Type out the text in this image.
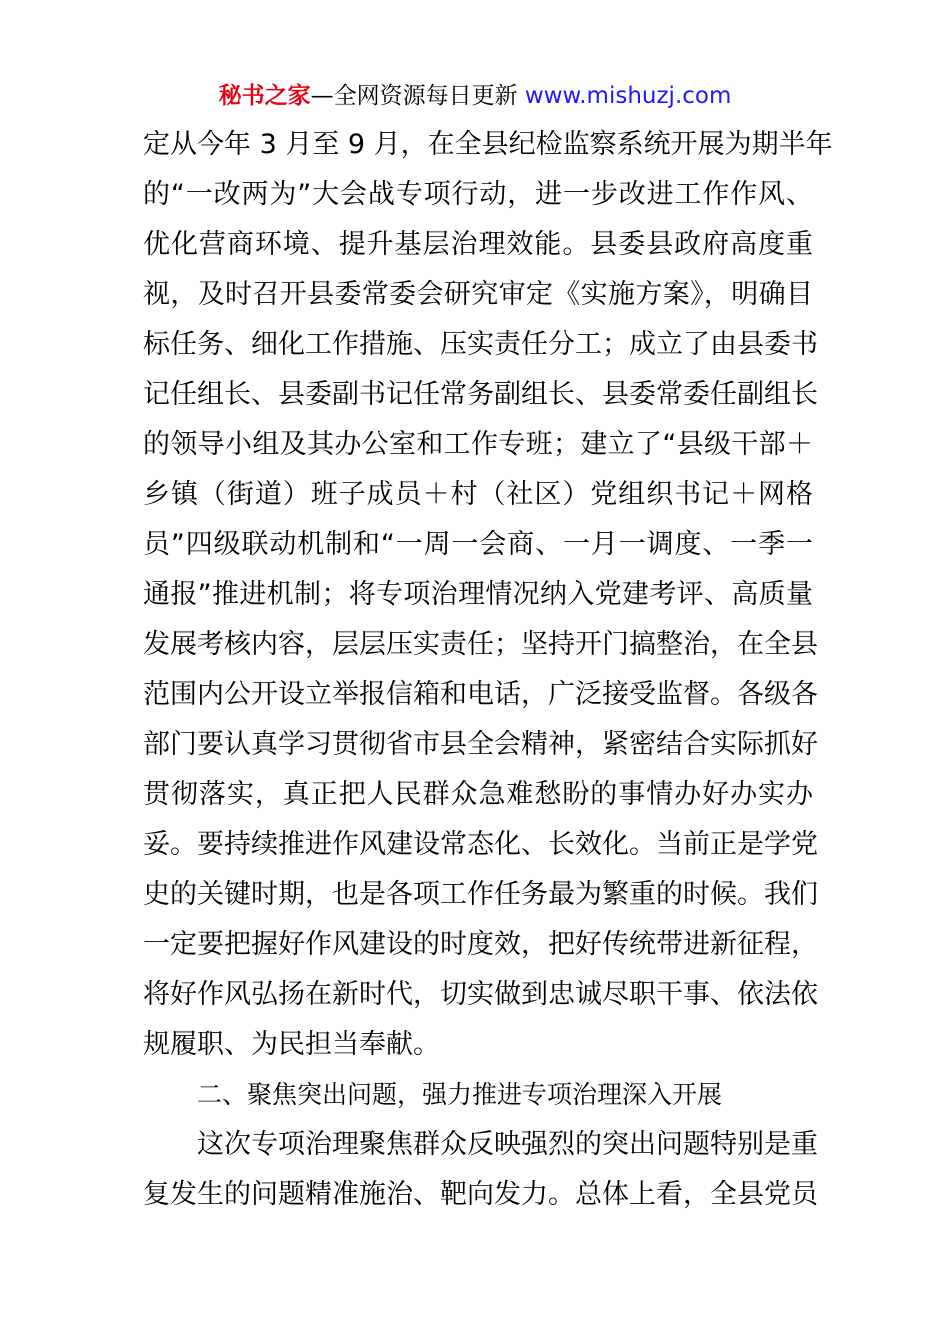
秘书之家—全网资源每日更新 www.mishuzj.com
定从今年 3 月至 9 月，在全县纪检监察系统开展为期半年
的“一改两为”大会战专项行动，进一步改进工作作风、
优化营商环境、提升基层治理效能。县委县政府高度重
视，及时召开县委常委会研究审定《实施方案》，明确目
标任务、细化工作措施、压实责任分工；成立了由县委书
记任组长、县委副书记任常务副组长、县委常委任副组长
的领导小组及其办公室和工作专班；建立了“县级干部＋
乡镇（街道）班子成员＋村（社区）党组织书记＋网格
员”四级联动机制和“一周一会商、一月一调度、一季一
通报”推进机制；将专项治理情况纳入党建考评、高质量
发展考核内容，层层压实责任；坚持开门搞整治，在全县
范围内公开设立举报信箱和电话，广泛接受监督。各级各
部门要认真学习贯彻省市县全会精神，紧密结合实际抓好
贯彻落实，真正把人民群众急难愁盼的事情办好办实办
妥。要持续推进作风建设常态化、长效化。当前正是学党
史的关键时期，也是各项工作任务最为繁重的时候。我们
一定要把握好作风建设的时度效，把好传统带进新征程，
将好作风弘扬在新时代，切实做到忠诚尽职干事、依法依
规履职、为民担当奉献。
二、聚焦突出问题，强力推进专项治理深入开展
这次专项治理聚焦群众反映强烈的突出问题特别是重
复发生的问题精准施治、靶向发力。总体上看，全县党员
